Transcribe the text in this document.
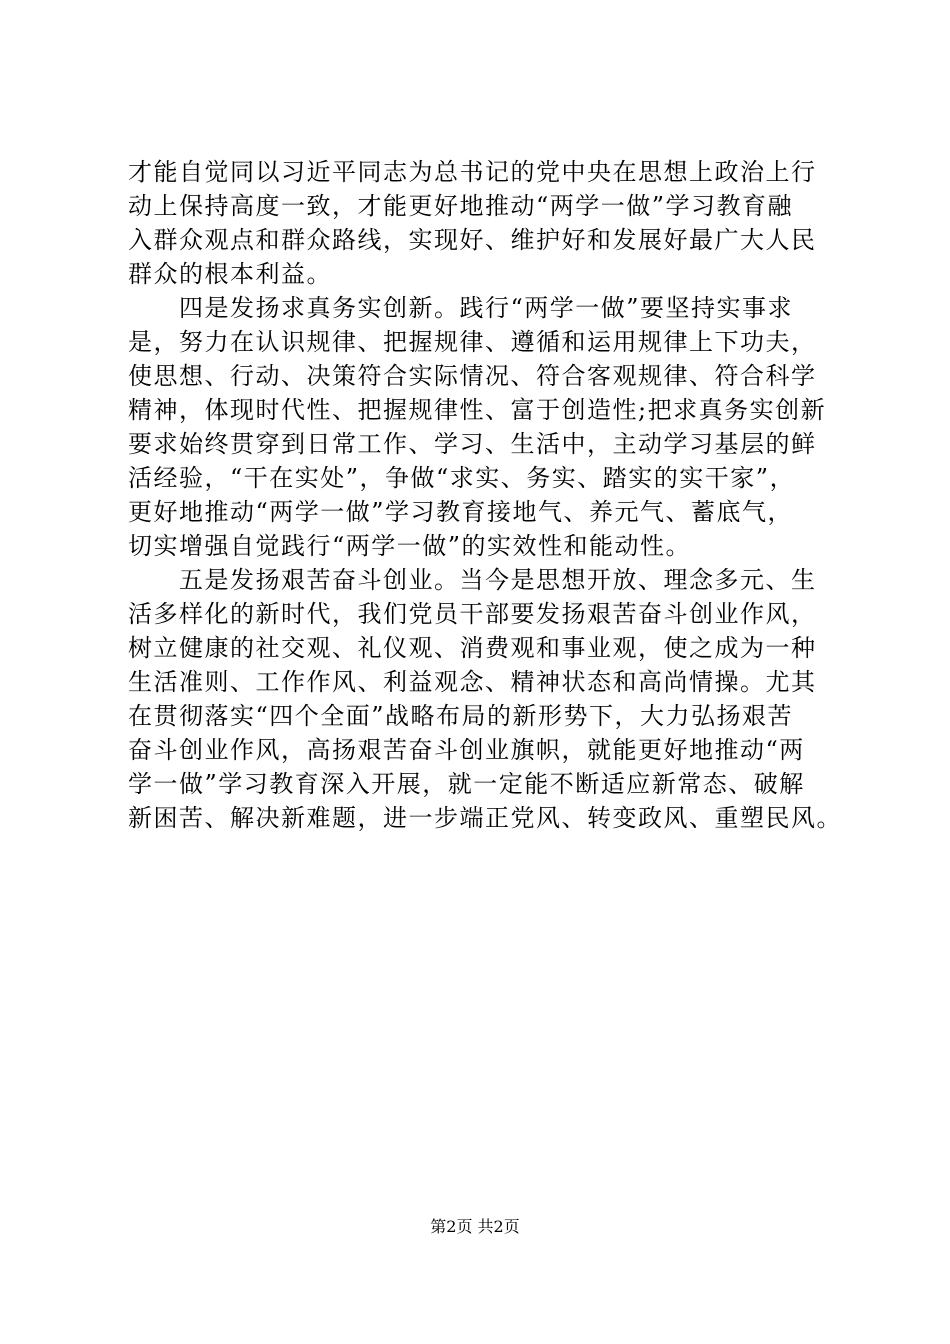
才能自觉同以习近平同志为总书记的党中央在思想上政治上行
动上保持高度一致，才能更好地推动“两学一做”学习教育融
入群众观点和群众路线，实现好、维护好和发展好最广大人民
群众的根本利益。
　　四是发扬求真务实创新。践行“两学一做”要坚持实事求
是，努力在认识规律、把握规律、遵循和运用规律上下功夫，
使思想、行动、决策符合实际情况、符合客观规律、符合科学
精神，体现时代性、把握规律性、富于创造性;把求真务实创新
要求始终贯穿到日常工作、学习、生活中，主动学习基层的鲜
活经验，“干在实处”，争做“求实、务实、踏实的实干家”，
更好地推动“两学一做”学习教育接地气、养元气、蓄底气，
切实增强自觉践行“两学一做”的实效性和能动性。
　　五是发扬艰苦奋斗创业。当今是思想开放、理念多元、生
活多样化的新时代，我们党员干部要发扬艰苦奋斗创业作风，
树立健康的社交观、礼仪观、消费观和事业观，使之成为一种
生活准则、工作作风、利益观念、精神状态和高尚情操。尤其
在贯彻落实“四个全面”战略布局的新形势下，大力弘扬艰苦
奋斗创业作风，高扬艰苦奋斗创业旗帜，就能更好地推动“两
学一做”学习教育深入开展，就一定能不断适应新常态、破解
新困苦、解决新难题，进一步端正党风、转变政风、重塑民风。
第2页 共2页
